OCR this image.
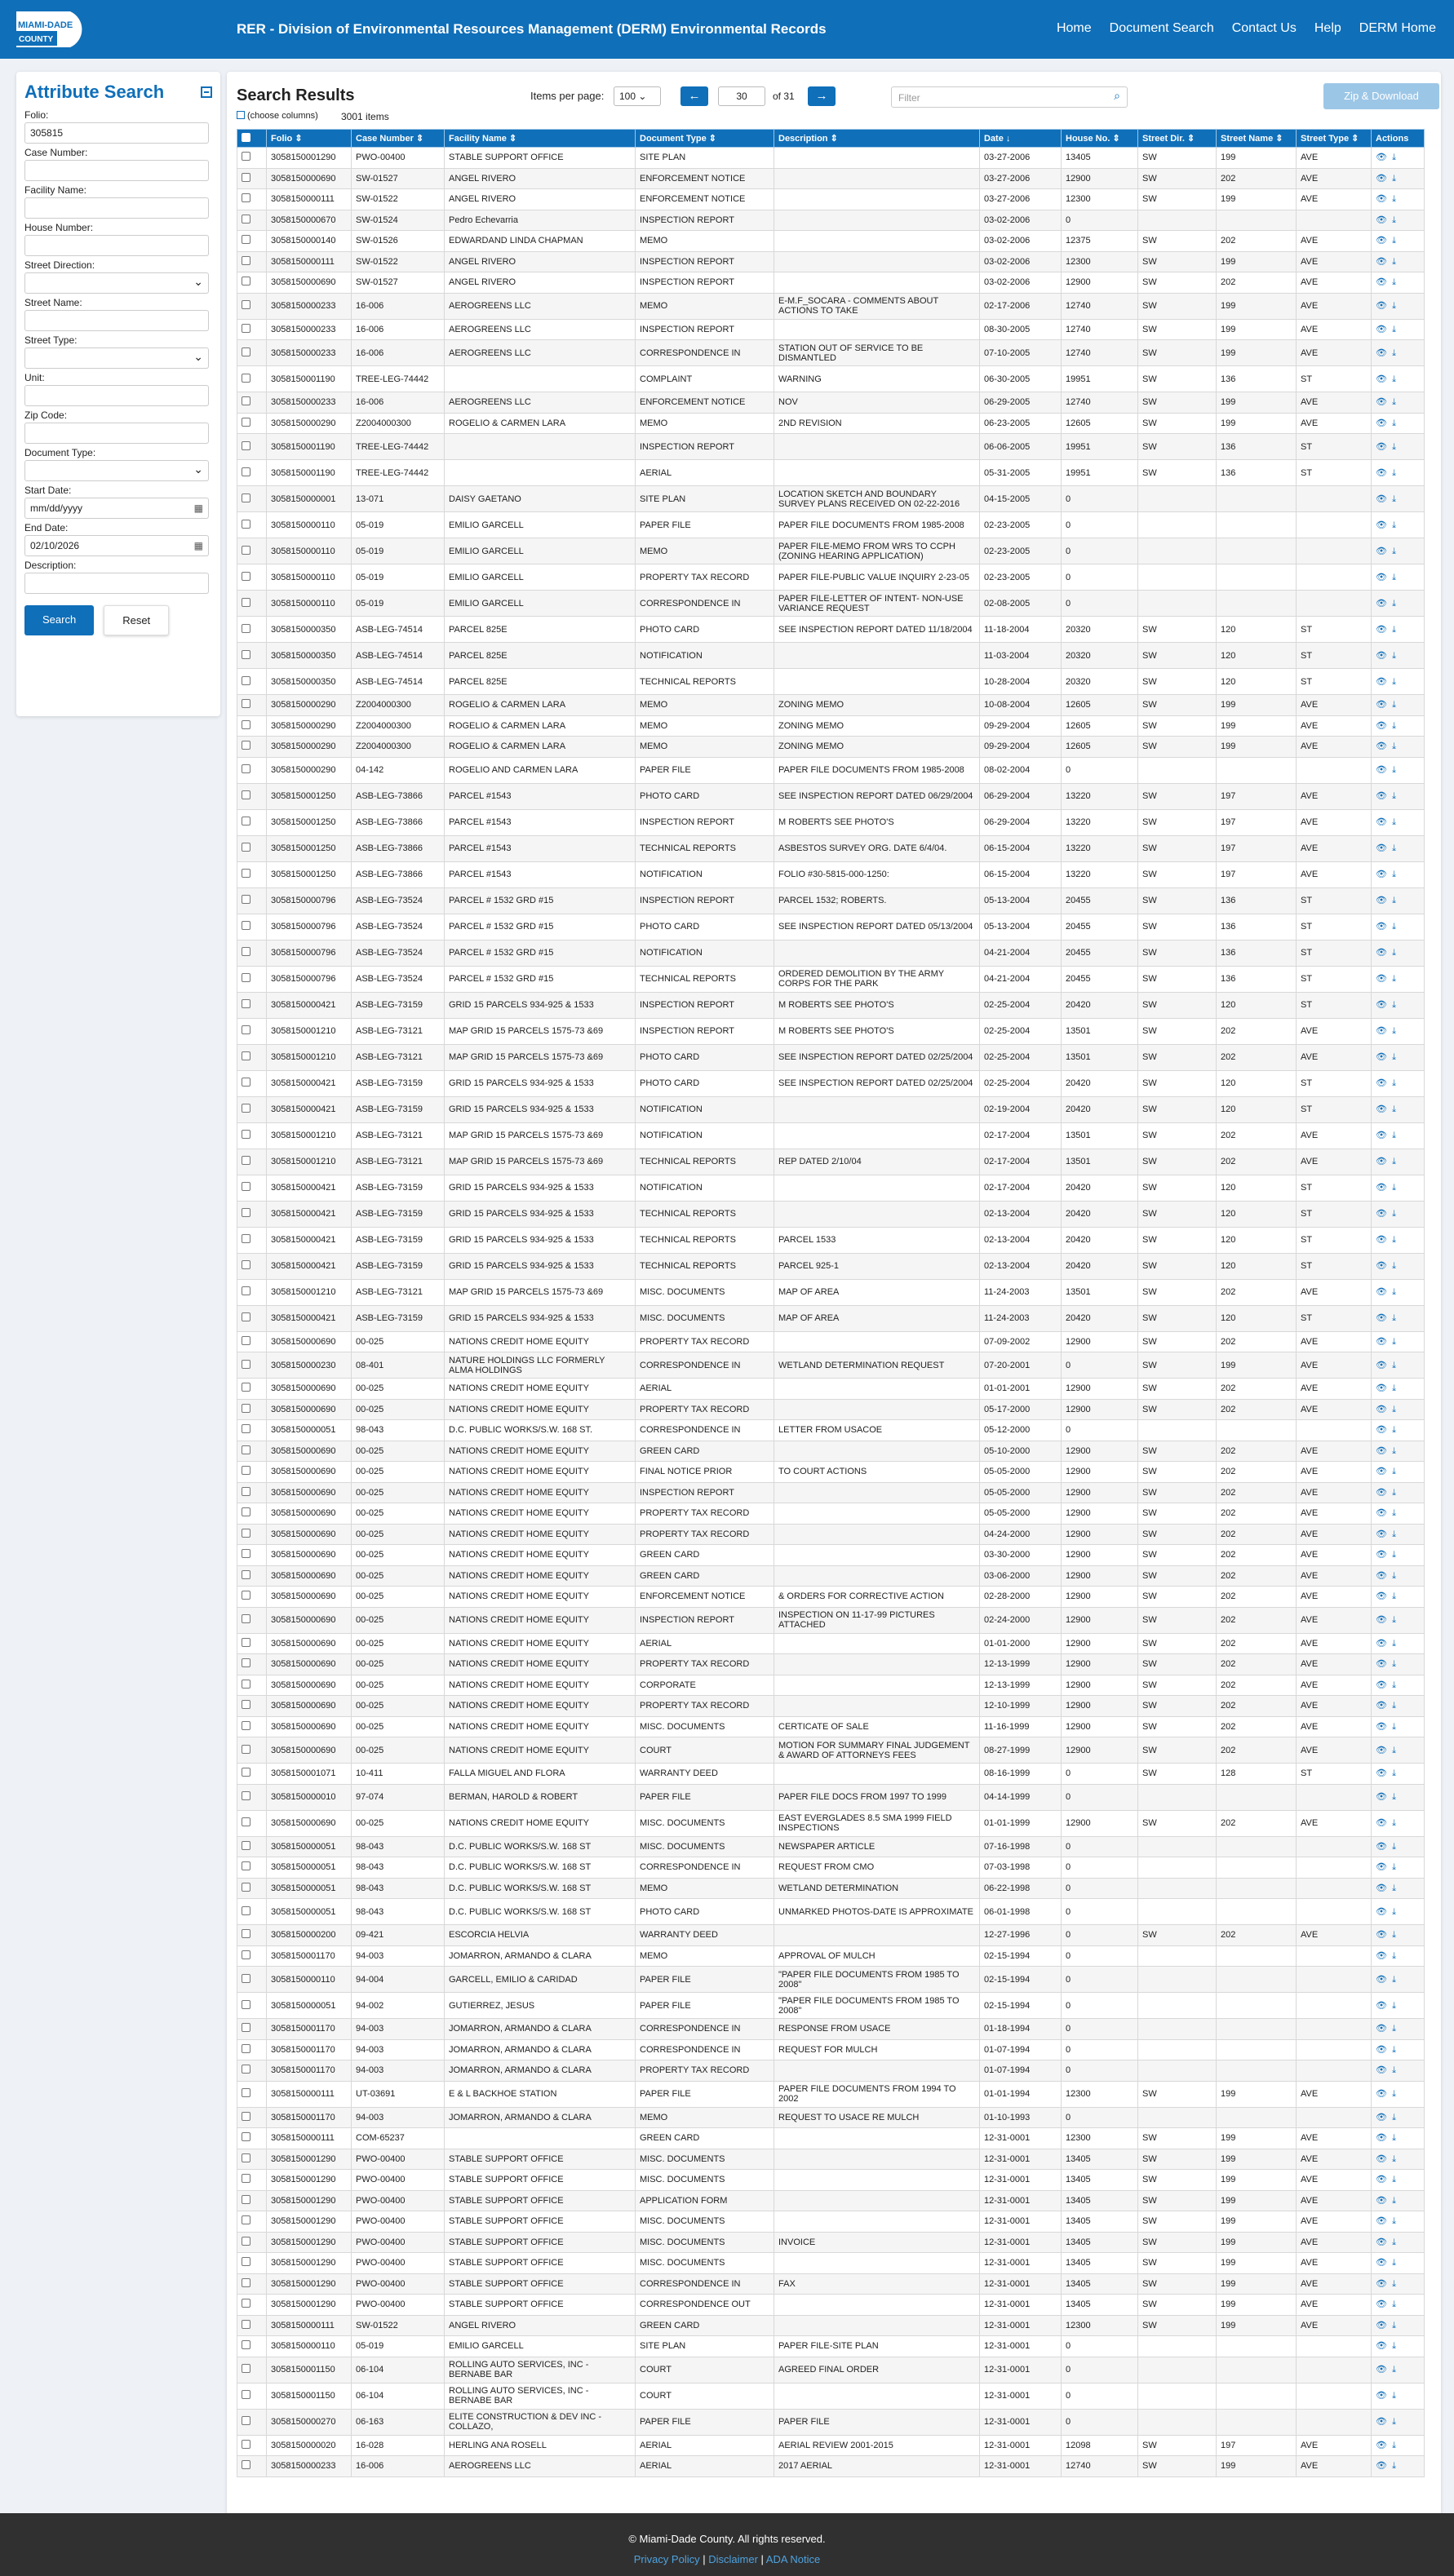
MIAMI-DADE
COUNTY
RER - Division of Environmental Resources Management (DERM) Environmental Records	Home Document Search Contact Us Help DERM Home
Attribute Search
Folio:
305815
Case Number:
Facility Name:
House Number:
Street Direction:
⌄
Street Name:
Street Type:
⌄
Unit:
Zip Code:
Document Type:
⌄
Start Date:
mm/dd/yyyy ▦
End Date:
02/10/2026 ▦
Description:
Search	Reset
Search Results
(choose columns) 3001 items
Items per page:	100 ⌄	←	30	of 31	→	Filter	⌕	Zip & Download
	Folio ⇕	Case Number ⇕	Facility Name ⇕	Document Type ⇕	Description ⇕	Date ↓	House No. ⇕	Street Dir. ⇕	Street Name ⇕	Street Type ⇕	Actions
	3058150001290	PWO-00400	STABLE SUPPORT OFFICE	SITE PLAN		03-27-2006	13405	SW	199	AVE	👁 ⤓
	3058150000690	SW-01527	ANGEL RIVERO	ENFORCEMENT NOTICE		03-27-2006	12900	SW	202	AVE	👁 ⤓
	3058150000111	SW-01522	ANGEL RIVERO	ENFORCEMENT NOTICE		03-27-2006	12300	SW	199	AVE	👁 ⤓
	3058150000670	SW-01524	Pedro Echevarria	INSPECTION REPORT		03-02-2006	0				👁 ⤓
	3058150000140	SW-01526	EDWARDAND LINDA CHAPMAN	MEMO		03-02-2006	12375	SW	202	AVE	👁 ⤓
	3058150000111	SW-01522	ANGEL RIVERO	INSPECTION REPORT		03-02-2006	12300	SW	199	AVE	👁 ⤓
	3058150000690	SW-01527	ANGEL RIVERO	INSPECTION REPORT		03-02-2006	12900	SW	202	AVE	👁 ⤓
	3058150000233	16-006	AEROGREENS LLC	MEMO	E-M.F_SOCARA - COMMENTS ABOUT ACTIONS TO TAKE	02-17-2006	12740	SW	199	AVE	👁 ⤓
	3058150000233	16-006	AEROGREENS LLC	INSPECTION REPORT		08-30-2005	12740	SW	199	AVE	👁 ⤓
	3058150000233	16-006	AEROGREENS LLC	CORRESPONDENCE IN	STATION OUT OF SERVICE TO BE DISMANTLED	07-10-2005	12740	SW	199	AVE	👁 ⤓
	3058150001190	TREE-LEG-74442		COMPLAINT	WARNING	06-30-2005	19951	SW	136	ST	👁 ⤓
	3058150000233	16-006	AEROGREENS LLC	ENFORCEMENT NOTICE	NOV	06-29-2005	12740	SW	199	AVE	👁 ⤓
	3058150000290	Z2004000300	ROGELIO & CARMEN LARA	MEMO	2ND REVISION	06-23-2005	12605	SW	199	AVE	👁 ⤓
	3058150001190	TREE-LEG-74442		INSPECTION REPORT		06-06-2005	19951	SW	136	ST	👁 ⤓
	3058150001190	TREE-LEG-74442		AERIAL		05-31-2005	19951	SW	136	ST	👁 ⤓
	3058150000001	13-071	DAISY GAETANO	SITE PLAN	LOCATION SKETCH AND BOUNDARY SURVEY PLANS RECEIVED ON 02-22-2016	04-15-2005	0				👁 ⤓
	3058150000110	05-019	EMILIO GARCELL	PAPER FILE	PAPER FILE DOCUMENTS FROM 1985-2008	02-23-2005	0				👁 ⤓
	3058150000110	05-019	EMILIO GARCELL	MEMO	PAPER FILE-MEMO FROM WRS TO CCPH (ZONING HEARING APPLICATION)	02-23-2005	0				👁 ⤓
	3058150000110	05-019	EMILIO GARCELL	PROPERTY TAX RECORD	PAPER FILE-PUBLIC VALUE INQUIRY 2-23-05	02-23-2005	0				👁 ⤓
	3058150000110	05-019	EMILIO GARCELL	CORRESPONDENCE IN	PAPER FILE-LETTER OF INTENT- NON-USE VARIANCE REQUEST	02-08-2005	0				👁 ⤓
	3058150000350	ASB-LEG-74514	PARCEL 825E	PHOTO CARD	SEE INSPECTION REPORT DATED 11/18/2004	11-18-2004	20320	SW	120	ST	👁 ⤓
	3058150000350	ASB-LEG-74514	PARCEL 825E	NOTIFICATION		11-03-2004	20320	SW	120	ST	👁 ⤓
	3058150000350	ASB-LEG-74514	PARCEL 825E	TECHNICAL REPORTS		10-28-2004	20320	SW	120	ST	👁 ⤓
	3058150000290	Z2004000300	ROGELIO & CARMEN LARA	MEMO	ZONING MEMO	10-08-2004	12605	SW	199	AVE	👁 ⤓
	3058150000290	Z2004000300	ROGELIO & CARMEN LARA	MEMO	ZONING MEMO	09-29-2004	12605	SW	199	AVE	👁 ⤓
	3058150000290	Z2004000300	ROGELIO & CARMEN LARA	MEMO	ZONING MEMO	09-29-2004	12605	SW	199	AVE	👁 ⤓
	3058150000290	04-142	ROGELIO AND CARMEN LARA	PAPER FILE	PAPER FILE DOCUMENTS FROM 1985-2008	08-02-2004	0				👁 ⤓
	3058150001250	ASB-LEG-73866	PARCEL #1543	PHOTO CARD	SEE INSPECTION REPORT DATED 06/29/2004	06-29-2004	13220	SW	197	AVE	👁 ⤓
	3058150001250	ASB-LEG-73866	PARCEL #1543	INSPECTION REPORT	M ROBERTS SEE PHOTO'S	06-29-2004	13220	SW	197	AVE	👁 ⤓
	3058150001250	ASB-LEG-73866	PARCEL #1543	TECHNICAL REPORTS	ASBESTOS SURVEY ORG. DATE 6/4/04.	06-15-2004	13220	SW	197	AVE	👁 ⤓
	3058150001250	ASB-LEG-73866	PARCEL #1543	NOTIFICATION	FOLIO #30-5815-000-1250:	06-15-2004	13220	SW	197	AVE	👁 ⤓
	3058150000796	ASB-LEG-73524	PARCEL # 1532 GRD #15	INSPECTION REPORT	PARCEL 1532; ROBERTS.	05-13-2004	20455	SW	136	ST	👁 ⤓
	3058150000796	ASB-LEG-73524	PARCEL # 1532 GRD #15	PHOTO CARD	SEE INSPECTION REPORT DATED 05/13/2004	05-13-2004	20455	SW	136	ST	👁 ⤓
	3058150000796	ASB-LEG-73524	PARCEL # 1532 GRD #15	NOTIFICATION		04-21-2004	20455	SW	136	ST	👁 ⤓
	3058150000796	ASB-LEG-73524	PARCEL # 1532 GRD #15	TECHNICAL REPORTS	ORDERED DEMOLITION BY THE ARMY CORPS FOR THE PARK	04-21-2004	20455	SW	136	ST	👁 ⤓
	3058150000421	ASB-LEG-73159	GRID 15 PARCELS 934-925 & 1533	INSPECTION REPORT	M ROBERTS SEE PHOTO'S	02-25-2004	20420	SW	120	ST	👁 ⤓
	3058150001210	ASB-LEG-73121	MAP GRID 15 PARCELS 1575-73 &69	INSPECTION REPORT	M ROBERTS SEE PHOTO'S	02-25-2004	13501	SW	202	AVE	👁 ⤓
	3058150001210	ASB-LEG-73121	MAP GRID 15 PARCELS 1575-73 &69	PHOTO CARD	SEE INSPECTION REPORT DATED 02/25/2004	02-25-2004	13501	SW	202	AVE	👁 ⤓
	3058150000421	ASB-LEG-73159	GRID 15 PARCELS 934-925 & 1533	PHOTO CARD	SEE INSPECTION REPORT DATED 02/25/2004	02-25-2004	20420	SW	120	ST	👁 ⤓
	3058150000421	ASB-LEG-73159	GRID 15 PARCELS 934-925 & 1533	NOTIFICATION		02-19-2004	20420	SW	120	ST	👁 ⤓
	3058150001210	ASB-LEG-73121	MAP GRID 15 PARCELS 1575-73 &69	NOTIFICATION		02-17-2004	13501	SW	202	AVE	👁 ⤓
	3058150001210	ASB-LEG-73121	MAP GRID 15 PARCELS 1575-73 &69	TECHNICAL REPORTS	REP DATED 2/10/04	02-17-2004	13501	SW	202	AVE	👁 ⤓
	3058150000421	ASB-LEG-73159	GRID 15 PARCELS 934-925 & 1533	NOTIFICATION		02-17-2004	20420	SW	120	ST	👁 ⤓
	3058150000421	ASB-LEG-73159	GRID 15 PARCELS 934-925 & 1533	TECHNICAL REPORTS		02-13-2004	20420	SW	120	ST	👁 ⤓
	3058150000421	ASB-LEG-73159	GRID 15 PARCELS 934-925 & 1533	TECHNICAL REPORTS	PARCEL 1533	02-13-2004	20420	SW	120	ST	👁 ⤓
	3058150000421	ASB-LEG-73159	GRID 15 PARCELS 934-925 & 1533	TECHNICAL REPORTS	PARCEL 925-1	02-13-2004	20420	SW	120	ST	👁 ⤓
	3058150001210	ASB-LEG-73121	MAP GRID 15 PARCELS 1575-73 &69	MISC. DOCUMENTS	MAP OF AREA	11-24-2003	13501	SW	202	AVE	👁 ⤓
	3058150000421	ASB-LEG-73159	GRID 15 PARCELS 934-925 & 1533	MISC. DOCUMENTS	MAP OF AREA	11-24-2003	20420	SW	120	ST	👁 ⤓
	3058150000690	00-025	NATIONS CREDIT HOME EQUITY	PROPERTY TAX RECORD		07-09-2002	12900	SW	202	AVE	👁 ⤓
	3058150000230	08-401	NATURE HOLDINGS LLC FORMERLY ALMA HOLDINGS	CORRESPONDENCE IN	WETLAND DETERMINATION REQUEST	07-20-2001	0	SW	199	AVE	👁 ⤓
	3058150000690	00-025	NATIONS CREDIT HOME EQUITY	AERIAL		01-01-2001	12900	SW	202	AVE	👁 ⤓
	3058150000690	00-025	NATIONS CREDIT HOME EQUITY	PROPERTY TAX RECORD		05-17-2000	12900	SW	202	AVE	👁 ⤓
	3058150000051	98-043	D.C. PUBLIC WORKS/S.W. 168 ST.	CORRESPONDENCE IN	LETTER FROM USACOE	05-12-2000	0				👁 ⤓
	3058150000690	00-025	NATIONS CREDIT HOME EQUITY	GREEN CARD		05-10-2000	12900	SW	202	AVE	👁 ⤓
	3058150000690	00-025	NATIONS CREDIT HOME EQUITY	FINAL NOTICE PRIOR	TO COURT ACTIONS	05-05-2000	12900	SW	202	AVE	👁 ⤓
	3058150000690	00-025	NATIONS CREDIT HOME EQUITY	INSPECTION REPORT		05-05-2000	12900	SW	202	AVE	👁 ⤓
	3058150000690	00-025	NATIONS CREDIT HOME EQUITY	PROPERTY TAX RECORD		05-05-2000	12900	SW	202	AVE	👁 ⤓
	3058150000690	00-025	NATIONS CREDIT HOME EQUITY	PROPERTY TAX RECORD		04-24-2000	12900	SW	202	AVE	👁 ⤓
	3058150000690	00-025	NATIONS CREDIT HOME EQUITY	GREEN CARD		03-30-2000	12900	SW	202	AVE	👁 ⤓
	3058150000690	00-025	NATIONS CREDIT HOME EQUITY	GREEN CARD		03-06-2000	12900	SW	202	AVE	👁 ⤓
	3058150000690	00-025	NATIONS CREDIT HOME EQUITY	ENFORCEMENT NOTICE	& ORDERS FOR CORRECTIVE ACTION	02-28-2000	12900	SW	202	AVE	👁 ⤓
	3058150000690	00-025	NATIONS CREDIT HOME EQUITY	INSPECTION REPORT	INSPECTION ON 11-17-99 PICTURES ATTACHED	02-24-2000	12900	SW	202	AVE	👁 ⤓
	3058150000690	00-025	NATIONS CREDIT HOME EQUITY	AERIAL		01-01-2000	12900	SW	202	AVE	👁 ⤓
	3058150000690	00-025	NATIONS CREDIT HOME EQUITY	PROPERTY TAX RECORD		12-13-1999	12900	SW	202	AVE	👁 ⤓
	3058150000690	00-025	NATIONS CREDIT HOME EQUITY	CORPORATE		12-13-1999	12900	SW	202	AVE	👁 ⤓
	3058150000690	00-025	NATIONS CREDIT HOME EQUITY	PROPERTY TAX RECORD		12-10-1999	12900	SW	202	AVE	👁 ⤓
	3058150000690	00-025	NATIONS CREDIT HOME EQUITY	MISC. DOCUMENTS	CERTICATE OF SALE	11-16-1999	12900	SW	202	AVE	👁 ⤓
	3058150000690	00-025	NATIONS CREDIT HOME EQUITY	COURT	MOTION FOR SUMMARY FINAL JUDGEMENT & AWARD OF ATTORNEYS FEES	08-27-1999	12900	SW	202	AVE	👁 ⤓
	3058150001071	10-411	FALLA MIGUEL AND FLORA	WARRANTY DEED		08-16-1999	0	SW	128	ST	👁 ⤓
	3058150000010	97-074	BERMAN, HAROLD & ROBERT	PAPER FILE	PAPER FILE DOCS FROM 1997 TO 1999	04-14-1999	0				👁 ⤓
	3058150000690	00-025	NATIONS CREDIT HOME EQUITY	MISC. DOCUMENTS	EAST EVERGLADES 8.5 SMA 1999 FIELD INSPECTIONS	01-01-1999	12900	SW	202	AVE	👁 ⤓
	3058150000051	98-043	D.C. PUBLIC WORKS/S.W. 168 ST	MISC. DOCUMENTS	NEWSPAPER ARTICLE	07-16-1998	0				👁 ⤓
	3058150000051	98-043	D.C. PUBLIC WORKS/S.W. 168 ST	CORRESPONDENCE IN	REQUEST FROM CMO	07-03-1998	0				👁 ⤓
	3058150000051	98-043	D.C. PUBLIC WORKS/S.W. 168 ST	MEMO	WETLAND DETERMINATION	06-22-1998	0				👁 ⤓
	3058150000051	98-043	D.C. PUBLIC WORKS/S.W. 168 ST	PHOTO CARD	UNMARKED PHOTOS-DATE IS APPROXIMATE	06-01-1998	0				👁 ⤓
	3058150000200	09-421	ESCORCIA HELVIA	WARRANTY DEED		12-27-1996	0	SW	202	AVE	👁 ⤓
	3058150001170	94-003	JOMARRON, ARMANDO & CLARA	MEMO	APPROVAL OF MULCH	02-15-1994	0				👁 ⤓
	3058150000110	94-004	GARCELL, EMILIO & CARIDAD	PAPER FILE	"PAPER FILE DOCUMENTS FROM 1985 TO 2008"	02-15-1994	0				👁 ⤓
	3058150000051	94-002	GUTIERREZ, JESUS	PAPER FILE	"PAPER FILE DOCUMENTS FROM 1985 TO 2008"	02-15-1994	0				👁 ⤓
	3058150001170	94-003	JOMARRON, ARMANDO & CLARA	CORRESPONDENCE IN	RESPONSE FROM USACE	01-18-1994	0				👁 ⤓
	3058150001170	94-003	JOMARRON, ARMANDO & CLARA	CORRESPONDENCE IN	REQUEST FOR MULCH	01-07-1994	0				👁 ⤓
	3058150001170	94-003	JOMARRON, ARMANDO & CLARA	PROPERTY TAX RECORD		01-07-1994	0				👁 ⤓
	3058150000111	UT-03691	E & L BACKHOE STATION	PAPER FILE	PAPER FILE DOCUMENTS FROM 1994 TO 2002	01-01-1994	12300	SW	199	AVE	👁 ⤓
	3058150001170	94-003	JOMARRON, ARMANDO & CLARA	MEMO	REQUEST TO USACE RE MULCH	01-10-1993	0				👁 ⤓
	3058150000111	COM-65237		GREEN CARD		12-31-0001	12300	SW	199	AVE	👁 ⤓
	3058150001290	PWO-00400	STABLE SUPPORT OFFICE	MISC. DOCUMENTS		12-31-0001	13405	SW	199	AVE	👁 ⤓
	3058150001290	PWO-00400	STABLE SUPPORT OFFICE	MISC. DOCUMENTS		12-31-0001	13405	SW	199	AVE	👁 ⤓
	3058150001290	PWO-00400	STABLE SUPPORT OFFICE	APPLICATION FORM		12-31-0001	13405	SW	199	AVE	👁 ⤓
	3058150001290	PWO-00400	STABLE SUPPORT OFFICE	MISC. DOCUMENTS		12-31-0001	13405	SW	199	AVE	👁 ⤓
	3058150001290	PWO-00400	STABLE SUPPORT OFFICE	MISC. DOCUMENTS	INVOICE	12-31-0001	13405	SW	199	AVE	👁 ⤓
	3058150001290	PWO-00400	STABLE SUPPORT OFFICE	MISC. DOCUMENTS		12-31-0001	13405	SW	199	AVE	👁 ⤓
	3058150001290	PWO-00400	STABLE SUPPORT OFFICE	CORRESPONDENCE IN	FAX	12-31-0001	13405	SW	199	AVE	👁 ⤓
	3058150001290	PWO-00400	STABLE SUPPORT OFFICE	CORRESPONDENCE OUT		12-31-0001	13405	SW	199	AVE	👁 ⤓
	3058150000111	SW-01522	ANGEL RIVERO	GREEN CARD		12-31-0001	12300	SW	199	AVE	👁 ⤓
	3058150000110	05-019	EMILIO GARCELL	SITE PLAN	PAPER FILE-SITE PLAN	12-31-0001	0				👁 ⤓
	3058150001150	06-104	ROLLING AUTO SERVICES, INC - BERNABE BAR	COURT	AGREED FINAL ORDER	12-31-0001	0				👁 ⤓
	3058150001150	06-104	ROLLING AUTO SERVICES, INC - BERNABE BAR	COURT		12-31-0001	0				👁 ⤓
	3058150000270	06-163	ELITE CONSTRUCTION & DEV INC - COLLAZO,	PAPER FILE	PAPER FILE	12-31-0001	0				👁 ⤓
	3058150000020	16-028	HERLING ANA ROSELL	AERIAL	AERIAL REVIEW 2001-2015	12-31-0001	12098	SW	197	AVE	👁 ⤓
	3058150000233	16-006	AEROGREENS LLC	AERIAL	2017 AERIAL	12-31-0001	12740	SW	199	AVE	👁 ⤓
© Miami-Dade County. All rights reserved.
Privacy Policy | Disclaimer | ADA Notice
